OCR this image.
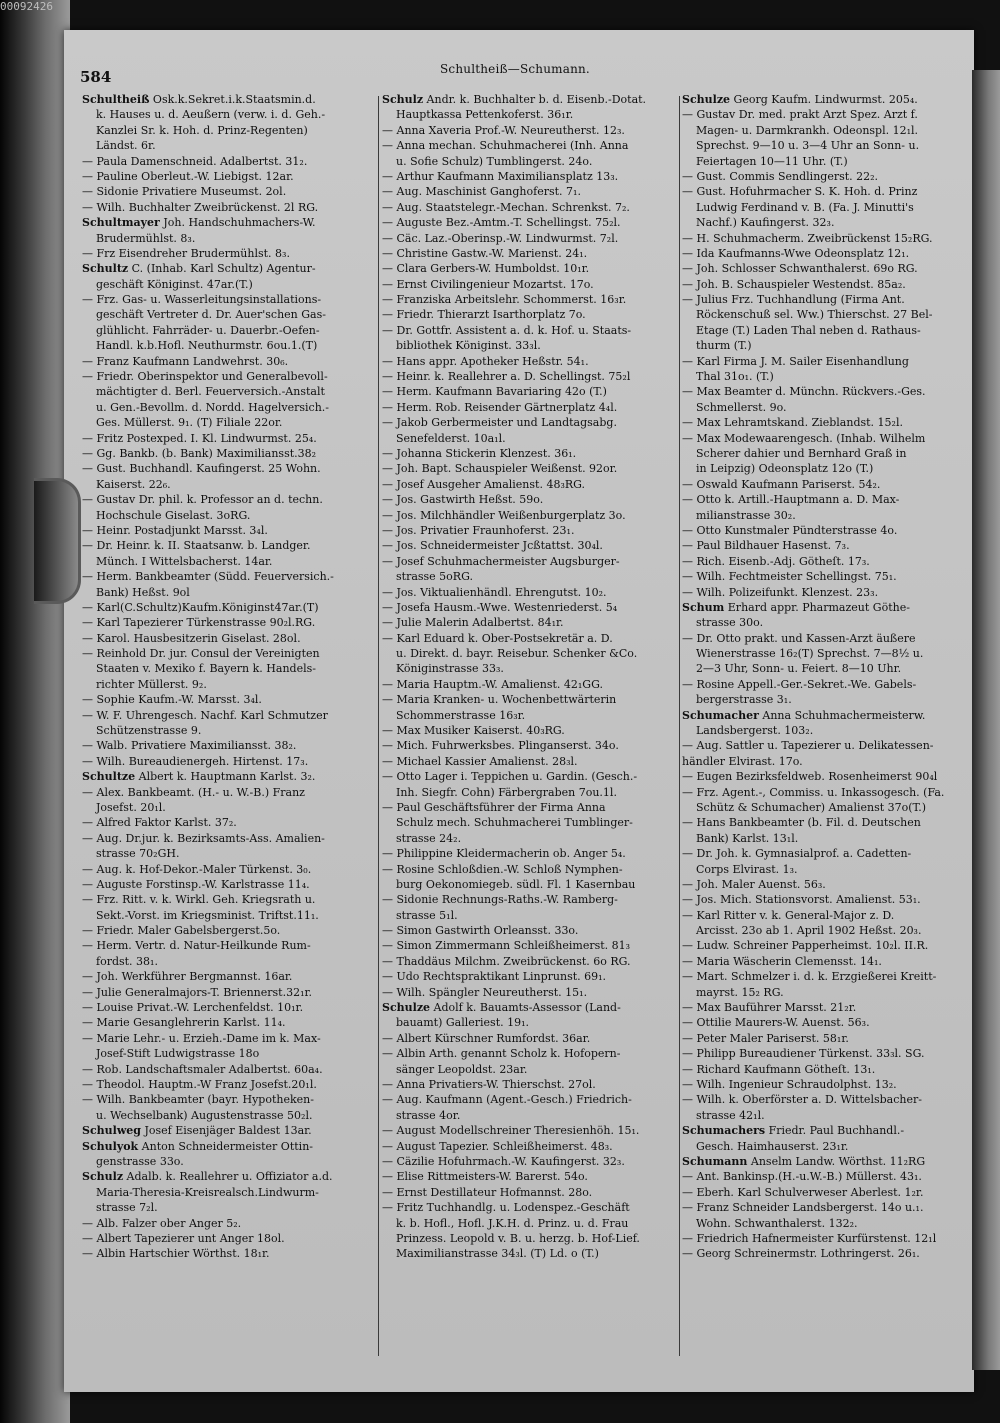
00092426
584	Schultheiß—Schumann.
Schultheiß Osk.k.Sekret.i.k.Staatsmin.d.
k. Hauses u. d. Aeußern (verw. i. d. Geh.-
Kanzlei Sr. k. Hoh. d. Prinz-Regenten)
Ländst. 6r.
— Paula Damenschneid. Adalbertst. 31₂.
— Pauline Oberleut.-W. Liebigst. 12ar.
— Sidonie Privatiere Museumst. 2ol.
— Wilh. Buchhalter Zweibrückenst. 2l RG.
Schultmayer Joh. Handschuhmachers-W.
Brudermühlst. 8₃.
— Frz Eisendreher Brudermühlst. 8₃.
Schultz C. (Inhab. Karl Schultz) Agentur-
geschäft Königinst. 47ar.(T.)
— Frz. Gas- u. Wasserleitungsinstallations-
geschäft Vertreter d. Dr. Auer'schen Gas-
glühlicht. Fahrräder- u. Dauerbr.-Oefen-
Handl. k.b.Hofl. Neuthurmstr. 6ou.1.(T)
— Franz Kaufmann Landwehrst. 30₆.
— Friedr. Oberinspektor und Generalbevoll-
mächtigter d. Berl. Feuerversich.-Anstalt
u. Gen.-Bevollm. d. Nordd. Hagelversich.-
Ges. Müllerst. 9₁. (T) Filiale 22or.
— Fritz Postexped. I. Kl. Lindwurmst. 25₄.
— Gg. Bankb. (b. Bank) Maximiliansst.38₂
— Gust. Buchhandl. Kaufingerst. 25 Wohn.
Kaiserst. 22₆.
— Gustav Dr. phil. k. Professor an d. techn.
Hochschule Giselast. 3oRG.
— Heinr. Postadjunkt Marsst. 3₄l.
— Dr. Heinr. k. II. Staatsanw. b. Landger.
Münch. I Wittelsbacherst. 14ar.
— Herm. Bankbeamter (Südd. Feuerversich.-
Bank) Heßst. 9ol
— Karl(C.Schultz)Kaufm.Königinst47ar.(T)
— Karl Tapezierer Türkenstrasse 90₂l.RG.
— Karol. Hausbesitzerin Giselast. 28ol.
— Reinhold Dr. jur. Consul der Vereinigten
Staaten v. Mexiko f. Bayern k. Handels-
richter Müllerst. 9₂.
— Sophie Kaufm.-W. Marsst. 3₄l.
— W. F. Uhrengesch. Nachf. Karl Schmutzer
Schützenstrasse 9.
— Walb. Privatiere Maximiliansst. 38₂.
— Wilh. Bureaudienergeh. Hirtenst. 17₃.
Schultze Albert k. Hauptmann Karlst. 3₂.
— Alex. Bankbeamt. (H.- u. W.-B.) Franz
Josefst. 20₁l.
— Alfred Faktor Karlst. 37₂.
— Aug. Dr.jur. k. Bezirksamts-Ass. Amalien-
strasse 70₂GH.
— Aug. k. Hof-Dekor.-Maler Türkenst. 3₀.
— Auguste Forstinsp.-W. Karlstrasse 11₄.
— Frz. Ritt. v. k. Wirkl. Geh. Kriegsrath u.
Sekt.-Vorst. im Kriegsminist. Triftst.11₁.
— Friedr. Maler Gabelsbergerst.5o.
— Herm. Vertr. d. Natur-Heilkunde Rum-
fordst. 38₁.
— Joh. Werkführer Bergmannst. 16ar.
— Julie Generalmajors-T. Briennerst.32₁r.
— Louise Privat.-W. Lerchenfeldst. 10₁r.
— Marie Gesanglehrerin Karlst. 11₄.
— Marie Lehr.- u. Erzieh.-Dame im k. Max-
Josef-Stift Ludwigstrasse 18o
— Rob. Landschaftsmaler Adalbertst. 60a₄.
— Theodol. Hauptm.-W Franz Josefst.20₁l.
— Wilh. Bankbeamter (bayr. Hypotheken-
u. Wechselbank) Augustenstrasse 50₂l.
Schulweg Josef Eisenjäger Baldest 13ar.
Schulyok Anton Schneidermeister Ottin-
genstrasse 33o.
Schulz Adalb. k. Reallehrer u. Offiziator a.d.
Maria-Theresia-Kreisrealsch.Lindwurm-
strasse 7₂l.
— Alb. Falzer ober Anger 5₂.
— Albert Tapezierer unt Anger 18ol.
— Albin Hartschier Wörthst. 18₁r.
Schulz Andr. k. Buchhalter b. d. Eisenb.-Dotat.
Hauptkassa Pettenkoferst. 36₁r.
— Anna Xaveria Prof.-W. Neureutherst. 12₃.
— Anna mechan. Schuhmacherei (Inh. Anna
u. Sofie Schulz) Tumblingerst. 24o.
— Arthur Kaufmann Maximiliansplatz 13₃.
— Aug. Maschinist Ganghoferst. 7₁.
— Aug. Staatstelegr.-Mechan. Schrenkst. 7₂.
— Auguste Bez.-Amtm.-T. Schellingst. 75₂l.
— Cäc. Laz.-Oberinsp.-W. Lindwurmst. 7₂l.
— Christine Gastw.-W. Marienst. 24₁.
— Clara Gerbers-W. Humboldst. 10₁r.
— Ernst Civilingenieur Mozartst. 17o.
— Franziska Arbeitslehr. Schommerst. 16₃r.
— Friedr. Thierarzt Isarthorplatz 7o.
— Dr. Gottfr. Assistent a. d. k. Hof. u. Staats-
bibliothek Königinst. 33₃l.
— Hans appr. Apotheker Heßstr. 54₁.
— Heinr. k. Reallehrer a. D. Schellingst. 75₂l
— Herm. Kaufmann Bavariaring 42o (T.)
— Herm. Rob. Reisender Gärtnerplatz 4₄l.
— Jakob Gerbermeister und Landtagsabg.
Senefelderst. 10a₁l.
— Johanna Stickerin Klenzest. 36₁.
— Joh. Bapt. Schauspieler Weißenst. 92or.
— Josef Ausgeher Amalienst. 48₃RG.
— Jos. Gastwirth Heßst. 59o.
— Jos. Milchhändler Weißenburgerplatz 3o.
— Jos. Privatier Fraunhoferst. 23₁.
— Jos. Schneidermeister Jcßtattst. 30₄l.
— Josef Schuhmachermeister Augsburger-
strasse 5oRG.
— Jos. Viktualienhändl. Ehrengutst. 10₂.
— Josefa Hausm.-Wwe. Westenriederst. 5₄
— Julie Malerin Adalbertst. 84₁r.
— Karl Eduard k. Ober-Postsekretär a. D.
u. Direkt. d. bayr. Reisebur. Schenker &Co.
Königinstrasse 33₃.
— Maria Hauptm.-W. Amalienst. 42₁GG.
— Maria Kranken- u. Wochenbettwärterin
Schommerstrasse 16₃r.
— Max Musiker Kaiserst. 40₃RG.
— Mich. Fuhrwerksbes. Plinganserst. 34o.
— Michael Kassier Amalienst. 28₃l.
— Otto Lager i. Teppichen u. Gardin. (Gesch.-
Inh. Siegfr. Cohn) Färbergraben 7ou.1l.
— Paul Geschäftsführer der Firma Anna
Schulz mech. Schuhmacherei Tumblinger-
strasse 24₂.
— Philippine Kleidermacherin ob. Anger 5₄.
— Rosine Schloßdien.-W. Schloß Nymphen-
burg Oekonomiegeb. südl. Fl. 1 Kasernbau
— Sidonie Rechnungs-Raths.-W. Ramberg-
strasse 5₁l.
— Simon Gastwirth Orleansst. 33o.
— Simon Zimmermann Schleißheimerst. 81₃
— Thaddäus Milchm. Zweibrückenst. 6o RG.
— Udo Rechtspraktikant Linprunst. 69₁.
— Wilh. Spängler Neureutherst. 15₁.
Schulze Adolf k. Bauamts-Assessor (Land-
bauamt) Galleriest. 19₁.
— Albert Kürschner Rumfordst. 36ar.
— Albin Arth. genannt Scholz k. Hofopern-
sänger Leopoldst. 23ar.
— Anna Privatiers-W. Thierschst. 27ol.
— Aug. Kaufmann (Agent.-Gesch.) Friedrich-
strasse 4or.
— August Modellschreiner Theresienhöh. 15₁.
— August Tapezier. Schleißheimerst. 48₃.
— Cäzilie Hofuhrmach.-W. Kaufingerst. 32₃.
— Elise Rittmeisters-W. Barerst. 54o.
— Ernst Destillateur Hofmannst. 28o.
— Fritz Tuchhandlg. u. Lodenspez.-Geschäft
k. b. Hofl., Hofl. J.K.H. d. Prinz. u. d. Frau
Prinzess. Leopold v. B. u. herzg. b. Hof-Lief.
Maximilianstrasse 34₃l. (T) Ld. o (T.)
Schulze Georg Kaufm. Lindwurmst. 205₄.
— Gustav Dr. med. prakt Arzt Spez. Arzt f.
Magen- u. Darmkrankh. Odeonspl. 12₁l.
Sprechst. 9—10 u. 3—4 Uhr an Sonn- u.
Feiertagen 10—11 Uhr. (T.)
— Gust. Commis Sendlingerst. 22₂.
— Gust. Hofuhrmacher S. K. Hoh. d. Prinz
Ludwig Ferdinand v. B. (Fa. J. Minutti's
Nachf.) Kaufingerst. 32₃.
— H. Schuhmacherm. Zweibrückenst 15₂RG.
— Ida Kaufmanns-Wwe Odeonsplatz 12₁.
— Joh. Schlosser Schwanthalerst. 69o RG.
— Joh. B. Schauspieler Westendst. 85a₂.
— Julius Frz. Tuchhandlung (Firma Ant.
Röckenschuß sel. Ww.) Thierschst. 27 Bel-
Etage (T.) Laden Thal neben d. Rathaus-
thurm (T.)
— Karl Firma J. M. Sailer Eisenhandlung
Thal 31o₁. (T.)
— Max Beamter d. Münchn. Rückvers.-Ges.
Schmellerst. 9o.
— Max Lehramtskand. Zieblandst. 15₂l.
— Max Modewaarengesch. (Inhab. Wilhelm
Scherer dahier und Bernhard Graß in
in Leipzig) Odeonsplatz 12o (T.)
— Oswald Kaufmann Pariserst. 54₂.
— Otto k. Artill.-Hauptmann a. D. Max-
milianstrasse 30₂.
— Otto Kunstmaler Pündterstrasse 4o.
— Paul Bildhauer Hasenst. 7₃.
— Rich. Eisenb.-Adj. Götheſt. 17₃.
— Wilh. Fechtmeister Schellingst. 75₁.
— Wilh. Polizeifunkt. Klenzest. 23₃.
Schum Erhard appr. Pharmazeut Göthe-
strasse 30o.
— Dr. Otto prakt. und Kassen-Arzt äußere
Wienerstrasse 16₂(T) Sprechst. 7—8½ u.
2—3 Uhr, Sonn- u. Feiert. 8—10 Uhr.
— Rosine Appell.-Ger.-Sekret.-We. Gabels-
bergerstrasse 3₁.
Schumacher Anna Schuhmachermeisterw.
Landsbergerst. 103₂.
— Aug. Sattler u. Tapezierer u. Delikatessen-
händler Elvirast. 17o.
— Eugen Bezirksfeldweb. Rosenheimerst 90₄l
— Frz. Agent.-, Commiss. u. Inkassogesch. (Fa.
Schütz & Schumacher) Amalienst 37o(T.)
— Hans Bankbeamter (b. Fil. d. Deutschen
Bank) Karlst. 13₁l.
— Dr. Joh. k. Gymnasialprof. a. Cadetten-
Corps Elvirast. 1₃.
— Joh. Maler Auenst. 56₃.
— Jos. Mich. Stationsvorst. Amalienst. 53₁.
— Karl Ritter v. k. General-Major z. D.
Arcisst. 23o ab 1. April 1902 Heßst. 20₃.
— Ludw. Schreiner Papperheimst. 10₂l. II.R.
— Maria Wäscherin Clemensst. 14₁.
— Mart. Schmelzer i. d. k. Erzgießerei Kreitt-
mayrst. 15₂ RG.
— Max Bauführer Marsst. 21₂r.
— Ottilie Maurers-W. Auenst. 56₃.
— Peter Maler Pariserst. 58₁r.
— Philipp Bureaudiener Türkenst. 33₃l. SG.
— Richard Kaufmann Götheſt. 13₁.
— Wilh. Ingenieur Schraudolphst. 13₂.
— Wilh. k. Oberförster a. D. Wittelsbacher-
strasse 42₁l.
Schumachers Friedr. Paul Buchhandl.-
Gesch. Haimhauserst. 23₁r.
Schumann Anselm Landw. Wörthst. 11₂RG
— Ant. Bankinsp.(H.-u.W.-B.) Müllerst. 43₁.
— Eberh. Karl Schulverweser Aberlest. 1₂r.
— Franz Schneider Landsbergerst. 14o u.₁.
Wohn. Schwanthalerst. 132₂.
— Friedrich Hafnermeister Kurfürstenst. 12₁l
— Georg Schreinermstr. Lothringerst. 26₁.
